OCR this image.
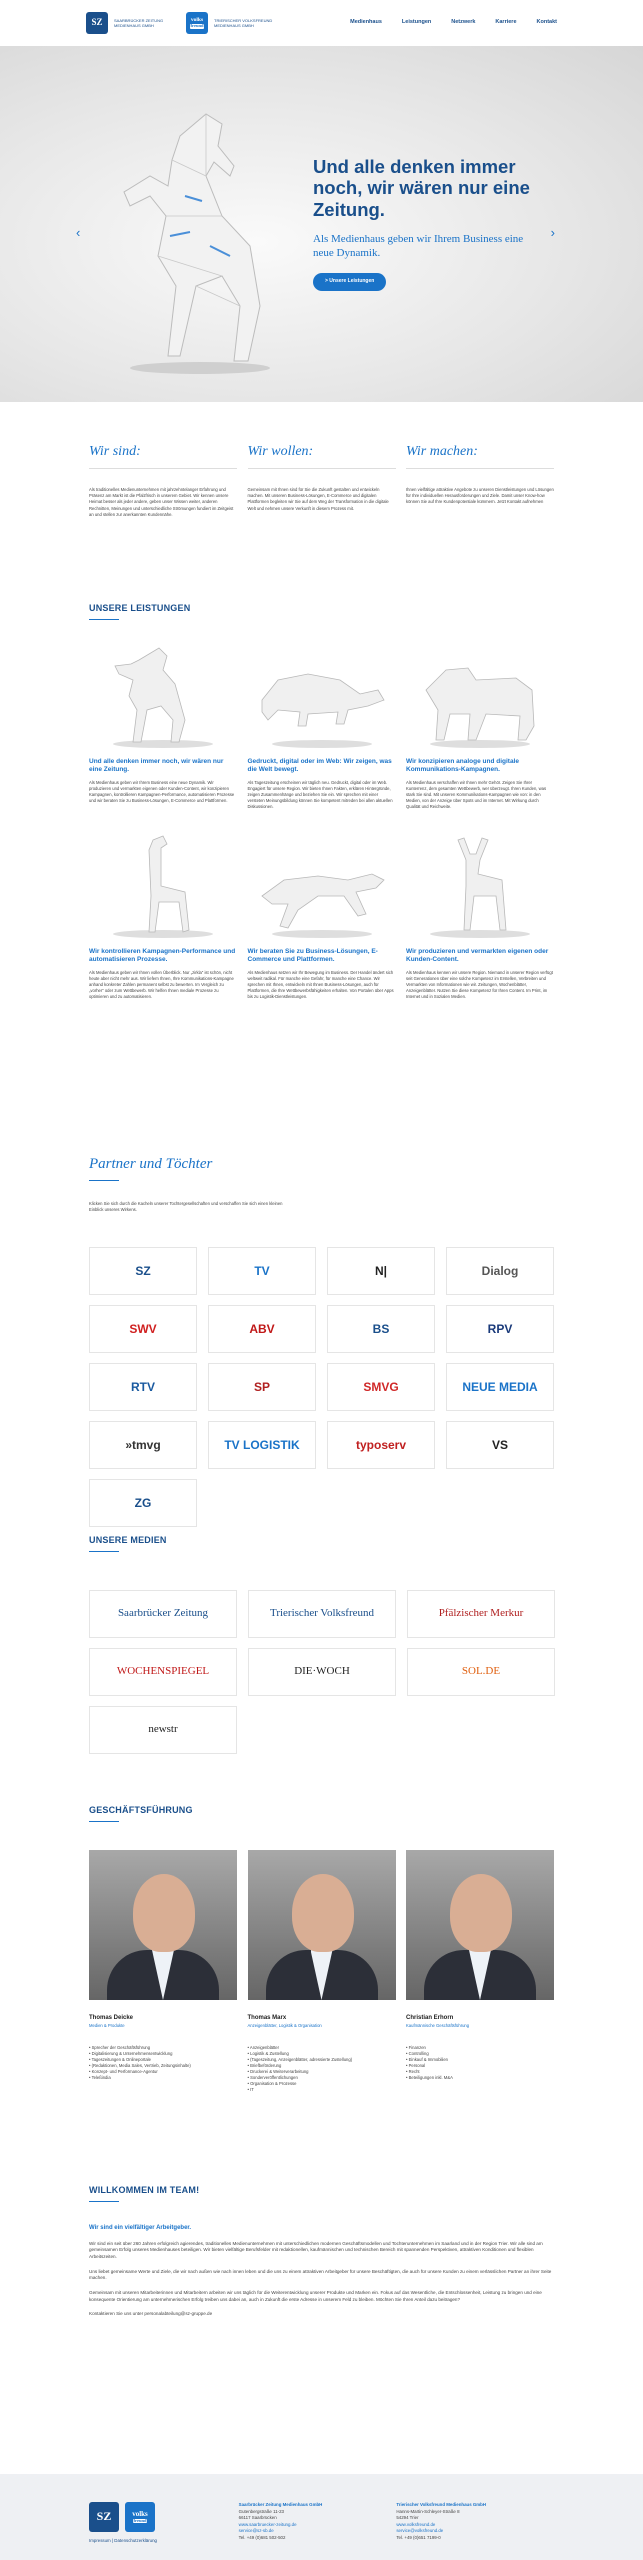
SZ	SAARBRÜCKER ZEITUNG MEDIENHAUS GMBH
volks
freund
TRIERISCHER VOLKSFREUND MEDIENHAUS GMBH
Medienhaus	Leistungen	Netzwerk	Karriere	Kontakt
‹
Und alle denken immer noch, wir wären nur eine Zeitung.

Als Medienhaus geben wir Ihrem Business eine neue Dynamik.

> Unsere Leistungen
›
Wir sind:

Als traditionelles Medienunternehmen mit jahrzehntelanger Erfahrung und Präsenz am Markt ist die Pfalzfrisch in unserem Gebiet. Wir kennen unsere Heimat besser als jeder andere, geben unser Wissen weiter, anderen Rechnitten, Meinungen und unterschiedliche Strömungen fundiert im Zeitgeist an und stellen zur anerkannten Kundennähe.

Wir wollen:

Gemeinsam mit Ihnen sind für Sie die Zukunft gestalten und entwickeln machen. Mit unseren Business-Lösungen, E-Commerce und digitalen Plattformen begleiten wir Sie auf dem Weg der Transformation in die digitale Welt und nehmen unsere Verkunft in diesem Prozess mit.

Wir machen:

Ihnen vielfältige attraktive Angebote zu unseren Dienstleistungen und Lösungen für Ihre individuellen Herausforderungen und Ziele. Damit unser Know-how können Sie auf Ihre Kundenpotentiale kümmern. Jetzt Kontakt aufnehmen

UNSERE LEISTUNGEN
Und alle denken immer noch, wir wären nur eine Zeitung.

Als Medienhaus geben wir Ihrem Business eine neue Dynamik. Wir produzieren und vermarkten eigenen oder Kunden-Content, wir konzipieren Kampagnen, kontrollieren Kampagnen-Performance, automatisieren Prozesse und wir beraten Sie zu Business-Lösungen, E-Commerce und Plattformen.

Gedruckt, digital oder im Web: Wir zeigen, was die Welt bewegt.

Als Tageszeitung erscheinen wir täglich neu. Gedruckt, digital oder im Web. Engagiert für unsere Region. Wir bieten Ihnen Fakten, erklären Hintergründe, zeigen Zusammenhänge und beziehen Sie ein. Wir sprechen mit einer versteten Meinungsbildung können Sie kompetent mitreden bei allen aktuellen Diskussionen.

Wir konzipieren analoge und digitale Kommunikations-Kampagnen.

Als Medienhaus verschaffen wir Ihnen mehr Gehör. Zeigen Sie Ihrer Kunterrenz, dem gesamten Wettbewerb, wer überzeugt. Ihren Kunden, was stark Sie sind. Mit unseren Kommunikations-Kampagnen wie von: in den Medien, von der Anzeige über Spots und im Internet. Mit Wirkung durch Qualität und Reichweite.

Wir kontrollieren Kampagnen-Performance und automatisieren Prozesse.

Als Medienhaus geben wir Ihnen vollen Überblick. Nur „zirkla“ ist schön, nicht heute aber nicht mehr aus. Wir liefern Ihnen, Ihre Kommunikations-Kampagne anhand konkreter Zahlen permanent selbst zu bewerten. Im Vergleich zu „vorher“ oder zum Wettbewerb. Wir helfen Ihnen mediale Prozesse zu optimieren und zu automatisieren.

Wir beraten Sie zu Business-Lösungen, E-Commerce und Plattformen.

Als Medienhaus setzen wir Ihr Bewegung im Business. Der Handel ändert sich weltweit radikal. Für manche eine Gefahr, für manche eine Chance. Wir sprechen mit Ihnen, entwickeln mit Ihnen Business-Lösungen, auch für Plattformen, die Ihre Wettbewerbsfähigkeiten erhalten. Von Portalen über Apps bis zu Logistik-Dienstleistungen.

Wir produzieren und vermarkten eigenen oder Kunden-Content.

Als Medienhaus kennen wir unsere Region. Niemand in unserer Region verfügt seit Generationen über eine solche Kompetenz im Erstellen, Verbreiten und Vermarkten von Informationen wie wir. Zeitungen, Wochenblätter, Anzeigenblätter. Nutzen Sie diese Kompetenz für Ihren Content. Im Print, im Internet und in Sozialen Medien.

Partner und Töchter

Klicken Sie sich durch die Kacheln unserer Tochtergesellschaften und verschaffen Sie sich einen kleinen Einblick unseres Wirkens.

SZ	TV	N|	Dialog
SWV	ABV	BS	RPV
RTV	SP	SMVG	NEUE MEDIA
»tmvg	TV LOGISTIK	typoserv	VS
ZG
UNSERE MEDIEN
Saarbrücker Zeitung	Trierischer Volksfreund	Pfälzischer Merkur
WOCHENSPIEGEL	DIE·WOCH	SOL.DE
newstr
GESCHÄFTSFÜHRUNG
Thomas Deicke
Medien & Produkte
• Sprecher der Geschäftsführung
• Digitalisierung & Unternehmensentwicklung
• Tageszeitungen & Onlineportale
• (Redaktionen, Media Sales, Vertrieb, Zeitungsinhalte)
• Konzept- und Performance-Agentur
• Teleßindia
Thomas Marx
Anzeigenblätter, Logistik & Organisation
• Anzeigenblätter
• Logistik & Zustellung
• (Tageszeitung, Anzeigenblätter, adressierte Zustellung)
• Briefbeförderung
• Druckerei & Weiterverarbeitung
• Sonderveröffentlichungen
• Organisation & Prozesse
• IT
Christian Erhorn
Kaufmännische Geschäftsführung
• Finanzen
• Controlling
• Einkauf & Immobilien
• Personal
• Recht
• Beteiligungen inkl. M&A
WILLKOMMEN IM TEAM!
Wir sind ein vielfältiger Arbeitgeber.

Wir sind ein seit über 260 Jahren erfolgreich agierendes, traditionelles Medienunternehmen mit unterschiedlichen modernen Geschäftsmodellen und Tochterunternehmen im Saarland und in der Region Trier. Wir alle sind am gemeinsamen Erfolg unseres Medienhauses beteiligen. Wir bieten vielfältige Berufsfelder mit redaktionellen, kaufmännischen und technischen Bereich mit spannenden Perspektiven, attraktiven Konditionen und flexiblen Arbeitszeiten.

Uns liebet gemeinsame Werte und Ziele, die wir nach außen wie nach innen leben und die uns zu einem attraktiven Arbeitgeber für unsere Beschäftigten, die auch für unsere Kunden zu einem verlässlichen Partner an ihrer Seite machen.

Gemeinsam mit unseren Mitarbeiterinnen und Mitarbeitern arbeiten wir uns täglich für die Weiterentwicklung unserer Produkte und Marken ein. Fokus auf das Wesentliche, die Entschlossenheit, Leistung zu bringen und eine konsequente Orientierung am unternehmerischen Erfolg treiben uns dabei an, auch in Zukunft die erste Adresse in unserem Feld zu bleiben. Möchten Sie Ihren Anteil dazu beitragen?

Kontaktieren Sie uns unter personalabteilung@sz-gruppe.de

SZ	volks
freund
Impressum | Datenschutzerklärung
Saarbrücker Zeitung Medienhaus GmbH
Gutenbergstraße 11-23
66117 Saarbrücken
www.saarbruecker-zeitung.de
service@sz-sb.de
Tel. +49 (0)681 502-502
Trierischer Volksfreund Medienhaus GmbH
Hanns-Martin-Schleyer-Straße 8
54294 Trier
www.volksfreund.de
service@volksfreund.de
Tel. +49 (0)651 7199-0
